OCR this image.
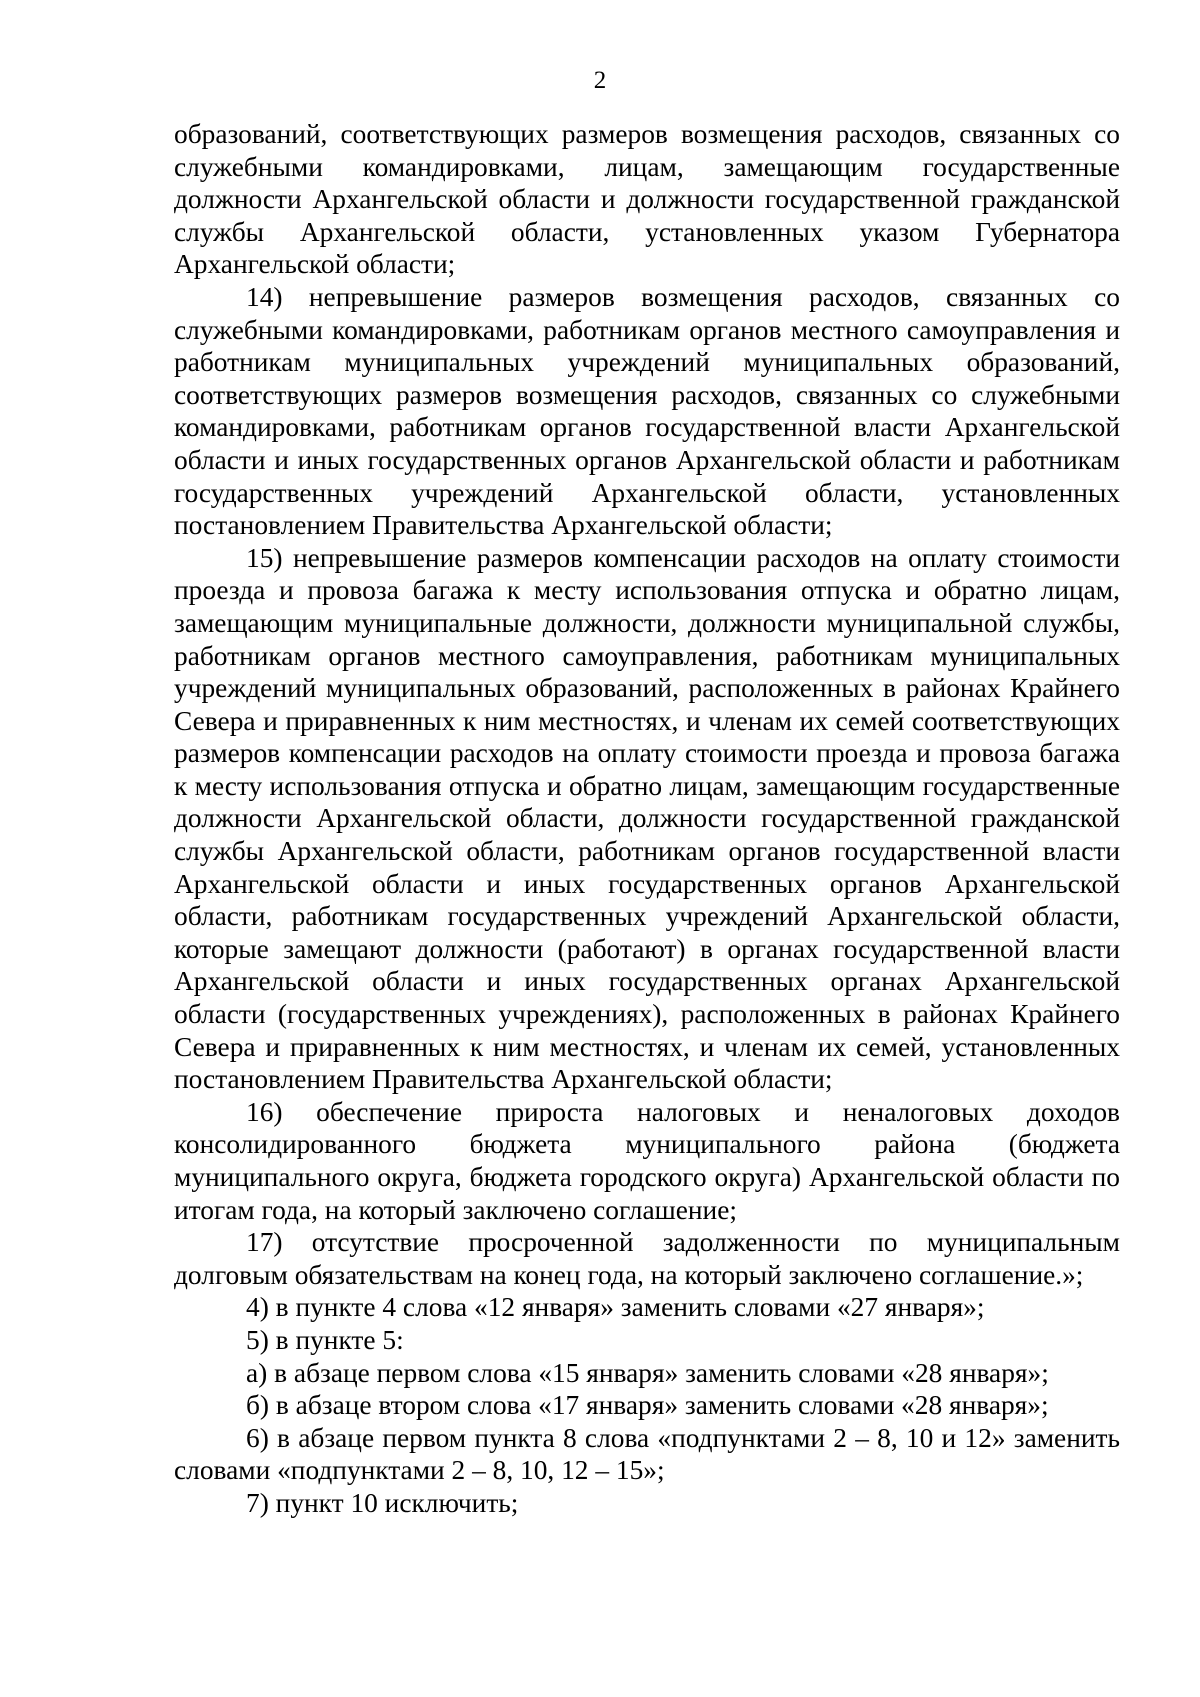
2

образований, соответствующих размеров возмещения расходов, связанных со служебными командировками, лицам, замещающим государственные должности Архангельской области и должности государственной гражданской службы Архангельской области, установленных указом Губернатора Архангельской области;

14) непревышение размеров возмещения расходов, связанных со служебными командировками, работникам органов местного самоуправления и работникам муниципальных учреждений муниципальных образований, соответствующих размеров возмещения расходов, связанных со служебными командировками, работникам органов государственной власти Архангельской области и иных государственных органов Архангельской области и работникам государственных учреждений Архангельской области, установленных постановлением Правительства Архангельской области;

15) непревышение размеров компенсации расходов на оплату стоимости проезда и провоза багажа к месту использования отпуска и обратно лицам, замещающим муниципальные должности, должности муниципальной службы, работникам органов местного самоуправления, работникам муниципальных учреждений муниципальных образований, расположенных в районах Крайнего Севера и приравненных к ним местностях, и членам их семей соответствующих размеров компенсации расходов на оплату стоимости проезда и провоза багажа к месту использования отпуска и обратно лицам, замещающим государственные должности Архангельской области, должности государственной гражданской службы Архангельской области, работникам органов государственной власти Архангельской области и иных государственных органов Архангельской области, работникам государственных учреждений Архангельской области, которые замещают должности (работают) в органах государственной власти Архангельской области и иных государственных органах Архангельской области (государственных учреждениях), расположенных в районах Крайнего Севера и приравненных к ним местностях, и членам их семей, установленных постановлением Правительства Архангельской области;

16) обеспечение прироста налоговых и неналоговых доходов консолидированного бюджета муниципального района (бюджета муниципального округа, бюджета городского округа) Архангельской области по итогам года, на который заключено соглашение;

17) отсутствие просроченной задолженности по муниципальным долговым обязательствам на конец года, на который заключено соглашение.»;

4) в пункте 4 слова «12 января» заменить словами «27 января»;

5) в пункте 5:

а) в абзаце первом слова «15 января» заменить словами «28 января»;

б) в абзаце втором слова «17 января» заменить словами «28 января»;

6) в абзаце первом пункта 8 слова «подпунктами 2 – 8, 10 и 12» заменить словами «подпунктами 2 – 8, 10, 12 – 15»;

7) пункт 10 исключить;
